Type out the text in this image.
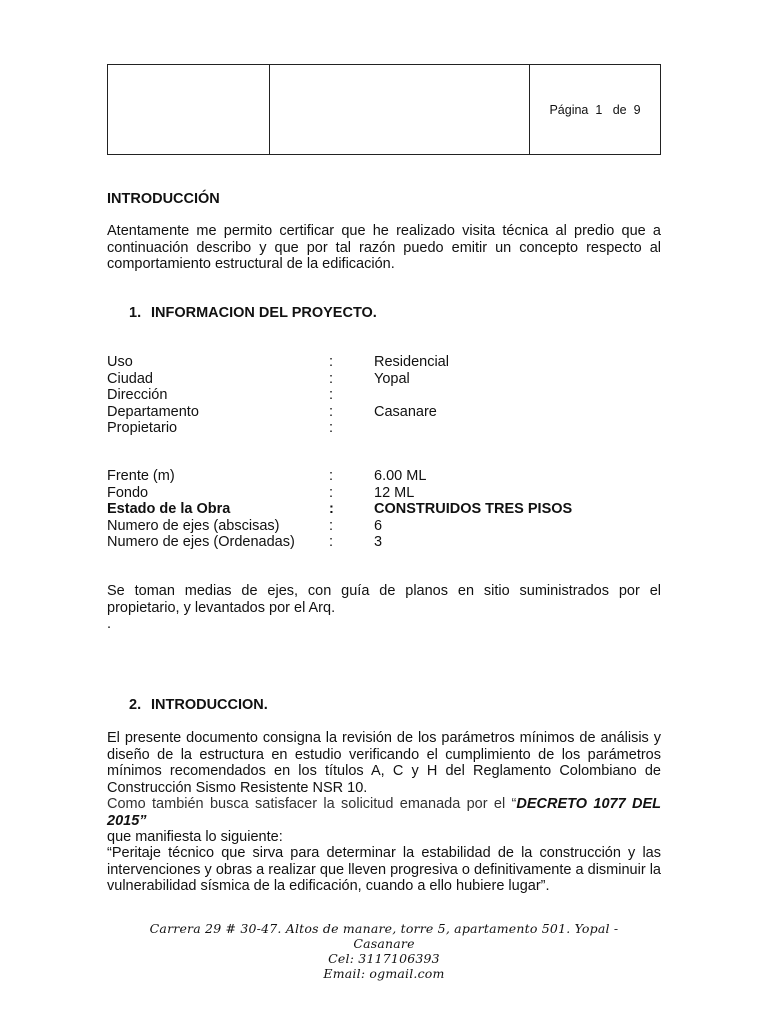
Página
1
de
9
INTRODUCCIÓN
Atentamente me permito certificar que he realizado visita técnica al predio que a continuación describo y que por tal razón puedo emitir un concepto respecto al comportamiento estructural de la edificación.
1. INFORMACION DEL PROYECTO.
Uso	:	Residencial
Ciudad	:	Yopal
Dirección	:
Departamento	:	Casanare
Propietario	:
Frente (m)	:	6.00 ML
Fondo	:	12 ML
Estado de la Obra	:	CONSTRUIDOS TRES PISOS
Numero de ejes (abscisas)	:	6
Numero de ejes (Ordenadas) :	3
Se toman medias de ejes, con guía de planos en sitio suministrados por el propietario, y levantados por el Arq.
.
2. INTRODUCCION.
El presente documento consigna la revisión de los parámetros mínimos de análisis y diseño de la estructura en estudio verificando el cumplimiento de los parámetros mínimos recomendados en los títulos A, C y H del Reglamento Colombiano de Construcción Sismo Resistente NSR 10.
Como también busca satisfacer la solicitud emanada por el “DECRETO 1077 DEL 2015”
que manifiesta lo siguiente:
“Peritaje técnico que sirva para determinar la estabilidad de la construcción y las intervenciones y obras a realizar que lleven progresiva o definitivamente a disminuir la vulnerabilidad sísmica de la edificación, cuando a ello hubiere lugar”.
Carrera 29 # 30-47. Altos de manare, torre 5, apartamento 501. Yopal -
Casanare
Cel: 3117106393
Email: ogmail.com
